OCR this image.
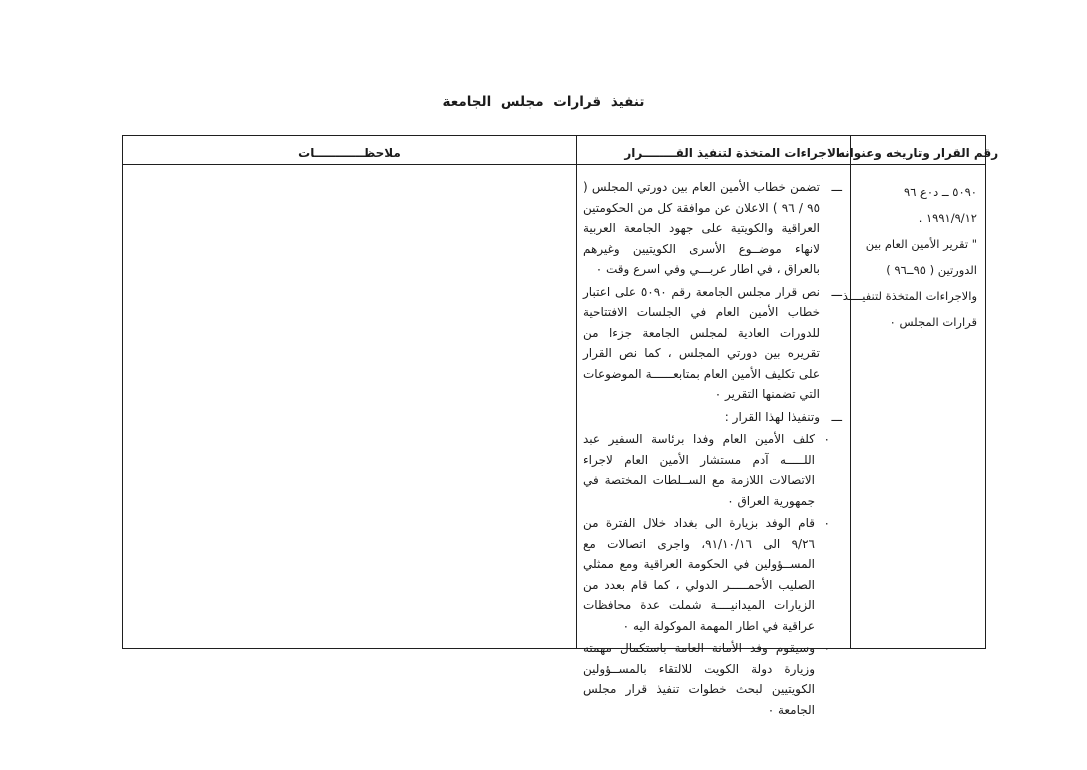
تنفيذ قرارات مجلس الجامعة
رقم القرار وتاريخه وعنوانه
الاجراءات المتخذة لتنفيذ القــــــــرار
ملاحظــــــــــــات
٥٠٩٠ ــ د٠ع ٩٦
١٩٩١/٩/١٢ .
" تقرير الأمين العام بين
الدورتين ( ٩٥ــ٩٦ )
والاجراءات المتخذة لتنفيــــذ
قرارات المجلس ٠
ـــ
تضمن خطاب الأمين العام بين دورتي المجلس ( ٩٥ / ٩٦ ) الاعلان عن موافقة كل من الحكومتين العراقية والكويتية على جهود الجامعة العربية لانهاء موضــوع الأسرى الكويتيين وغيرهم بالعراق ، في اطار عربـــي وفي اسرع وقت ٠
ـــ
نص قرار مجلس الجامعة رقم ٥٠٩٠ على اعتبار خطاب الأمين العام في الجلسات الافتتاحية للدورات العادية لمجلس الجامعة جزءا من تقريره بين دورتي المجلس ، كما نص القرار على تكليف الأمين العام بمتابعــــــة الموضوعات التي تضمنها التقرير ٠
ـــ
وتنفيذا لهذا القرار :
٠
كلف الأمين العام وفدا برئاسة السفير عبد اللـــــه آدم مستشار الأمين العام لاجراء الاتصالات اللازمة مع الســلطات المختصة في جمهورية العراق ٠
٠
قام الوفد بزيارة الى بغداد خلال الفترة من ٩/٢٦ الى ٩١/١٠/١٦، واجرى اتصالات مع المســؤولين في الحكومة العراقية ومع ممثلي الصليب الأحمـــــر الدولي ، كما قام بعدد من الزيارات الميدانيــــة شملت عدة محافظات عراقية في اطار المهمة الموكولة اليه ٠
٠
وسيقوم وفد الأمانة العامة باستكمال مهمته وزيارة دولة الكويت للالتقاء بالمســؤولين الكويتيين لبحث خطوات تنفيذ قرار مجلس الجامعة ٠
